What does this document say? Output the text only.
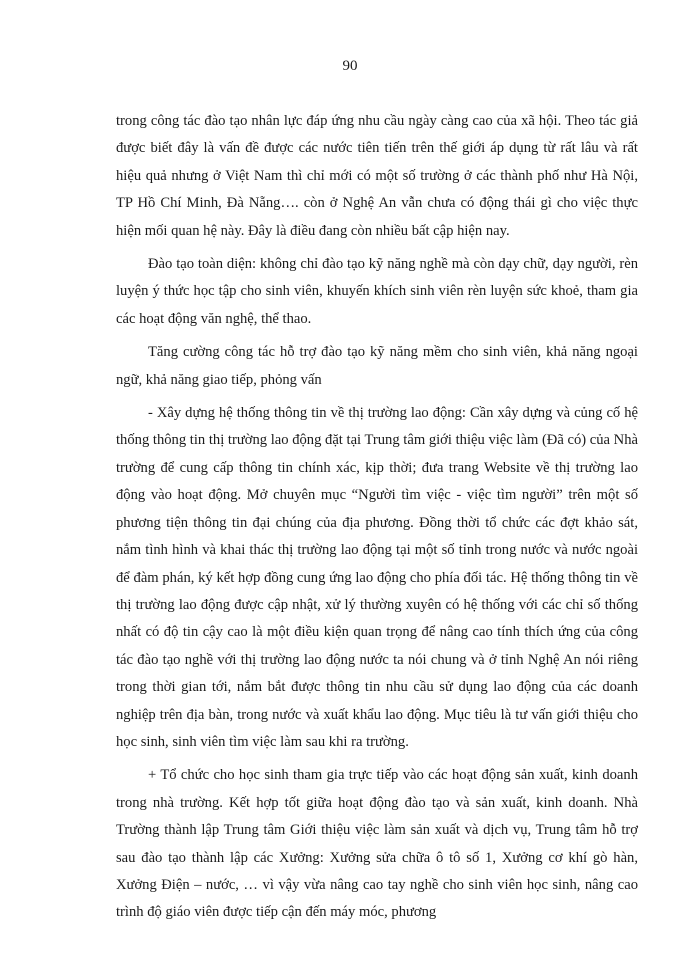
90

trong công tác đào tạo nhân lực đáp ứng nhu cầu ngày càng cao của xã hội. Theo tác giả được biết đây là vấn đề được các nước tiên tiến trên thế giới áp dụng từ rất lâu và rất hiệu quả nhưng ở Việt Nam thì chỉ mới có một số trường ở các thành phố như Hà Nội, TP Hồ Chí Minh, Đà Nẵng…. còn ở Nghệ An vẫn chưa có động thái gì cho việc thực hiện mối quan hệ này. Đây là điều đang còn nhiều bất cập hiện nay.

Đào tạo toàn diện: không chỉ đào tạo kỹ năng nghề mà còn dạy chữ, dạy người, rèn luyện ý thức học tập cho sinh viên, khuyến khích sinh viên rèn luyện sức khoẻ, tham gia các hoạt động văn nghệ, thể thao.

Tăng cường công tác hỗ trợ đào tạo kỹ năng mềm cho sinh viên, khả năng ngoại ngữ, khả năng giao tiếp, phỏng vấn

- Xây dựng hệ thống thông tin về thị trường lao động: Cần xây dựng và củng cố hệ thống thông tin thị trường lao động đặt tại Trung tâm giới thiệu việc làm (Đã có) của Nhà trường để cung cấp thông tin chính xác, kịp thời; đưa trang Website về thị trường lao động vào hoạt động. Mở chuyên mục “Người tìm việc - việc tìm người” trên một số phương tiện thông tin đại chúng của địa phương. Đồng thời tổ chức các đợt khảo sát, nắm tình hình và khai thác thị trường lao động tại một số tỉnh trong nước và nước ngoài để đàm phán, ký kết hợp đồng cung ứng lao động cho phía đối tác. Hệ thống thông tin về thị trường lao động được cập nhật, xử lý thường xuyên có hệ thống với các chỉ số thống nhất có độ tin cậy cao là một điều kiện quan trọng để nâng cao tính thích ứng của công tác đào tạo nghề với thị trường lao động nước ta nói chung và ở tỉnh Nghệ An nói riêng trong thời gian tới, nắm bắt được thông tin nhu cầu sử dụng lao động của các doanh nghiệp trên địa bàn, trong nước và xuất khẩu lao động. Mục tiêu là tư vấn giới thiệu cho học sinh, sinh viên tìm việc làm sau khi ra trường.

+ Tổ chức cho học sinh tham gia trực tiếp vào các hoạt động sản xuất, kinh doanh trong nhà trường. Kết hợp tốt giữa hoạt động đào tạo và sản xuất, kinh doanh. Nhà Trường thành lập Trung tâm Giới thiệu việc làm sản xuất và dịch vụ, Trung tâm hỗ trợ sau đào tạo thành lập các Xưởng: Xưởng sửa chữa ô tô số 1, Xưởng cơ khí gò hàn, Xưởng Điện – nước, … vì vậy vừa nâng cao tay nghề cho sinh viên học sinh, nâng cao trình độ giáo viên được tiếp cận đến máy móc, phương
